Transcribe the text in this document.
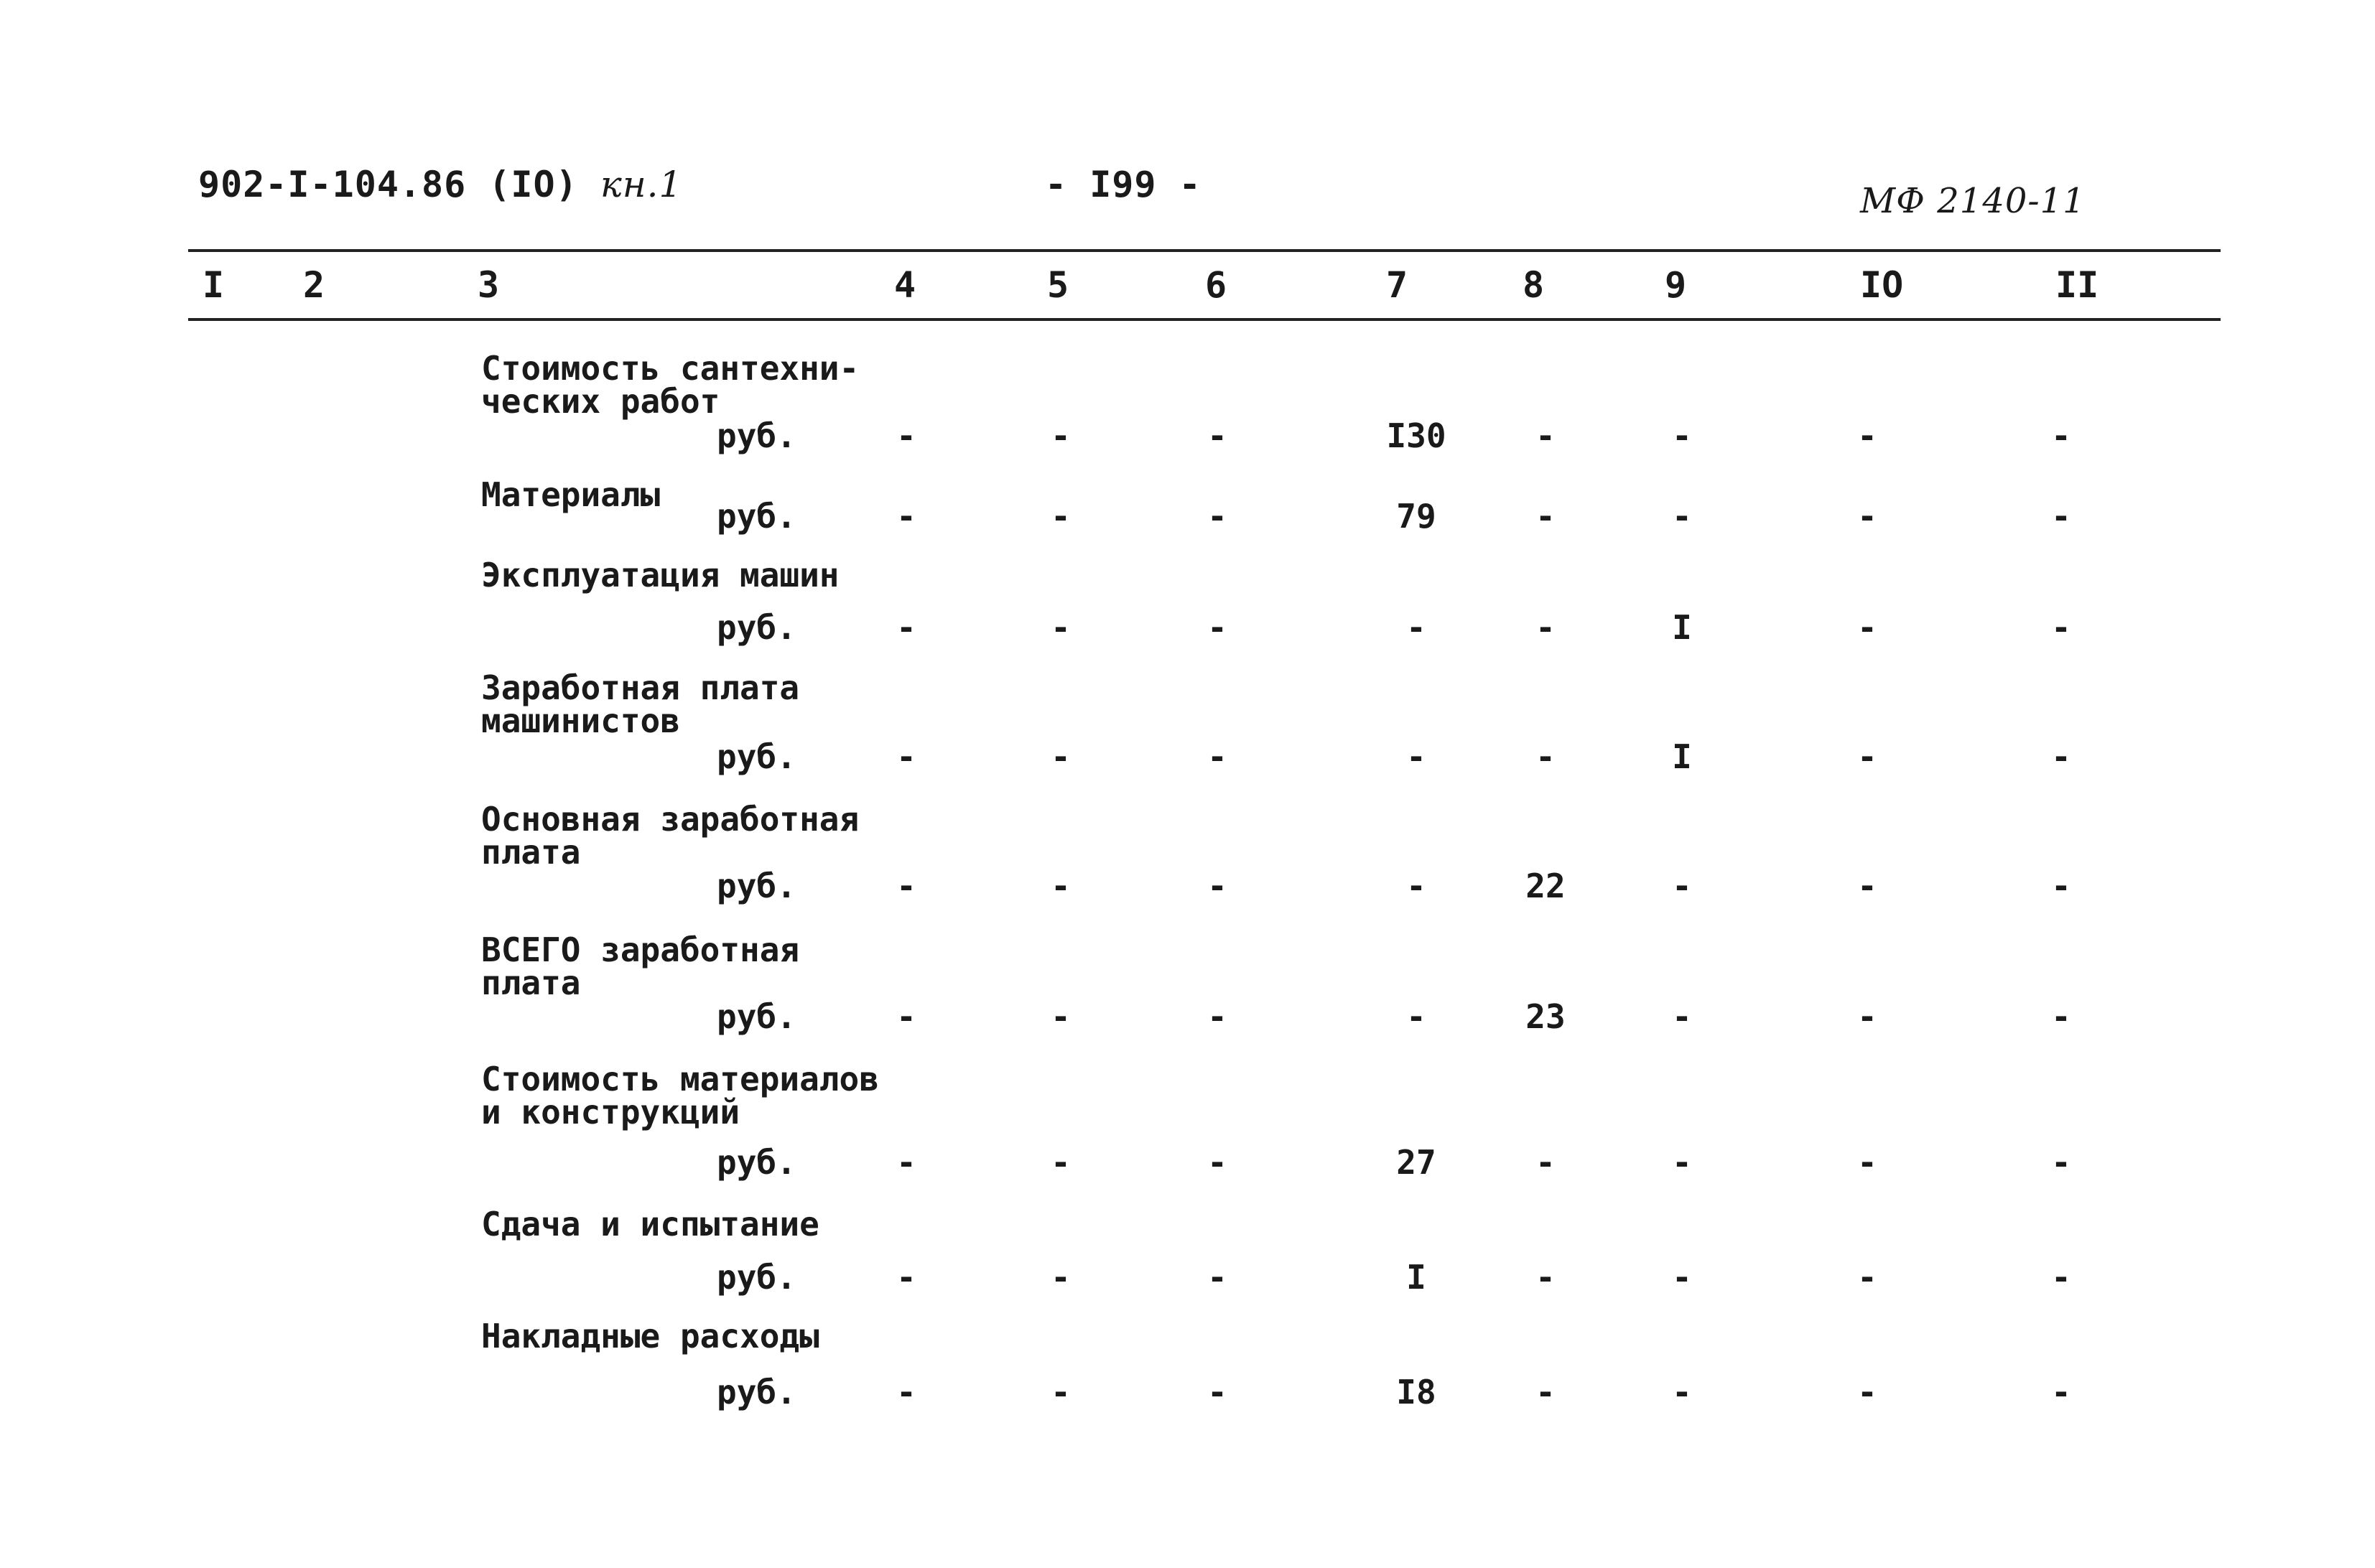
902-I-104.86 (IO) кн.1	- I99 -	МФ 2140-11
I 2	3	4	5	6	7	8	9	IO	II
Стоимость сантехни-
ческих работ
руб.	-	-	-	I30	-	-	-	-
Материалы
руб.	-	-	-	79	-	-	-	-
Эксплуатация машин
руб.	-	-	-	-	-	I	-	-
Заработная плата
машинистов
руб.	-	-	-	-	-	I	-	-
Основная заработная
плата
руб.	-	-	-	-	22	-	-	-
ВСЕГО заработная
плата
руб.	-	-	-	-	23	-	-	-
Стоимость материалов
и конструкций
руб.	-	-	-	27	-	-	-	-
Сдача и испытание
руб.	-	-	-	I	-	-	-	-
Накладные расходы
руб.	-	-	-	I8	-	-	-	-
